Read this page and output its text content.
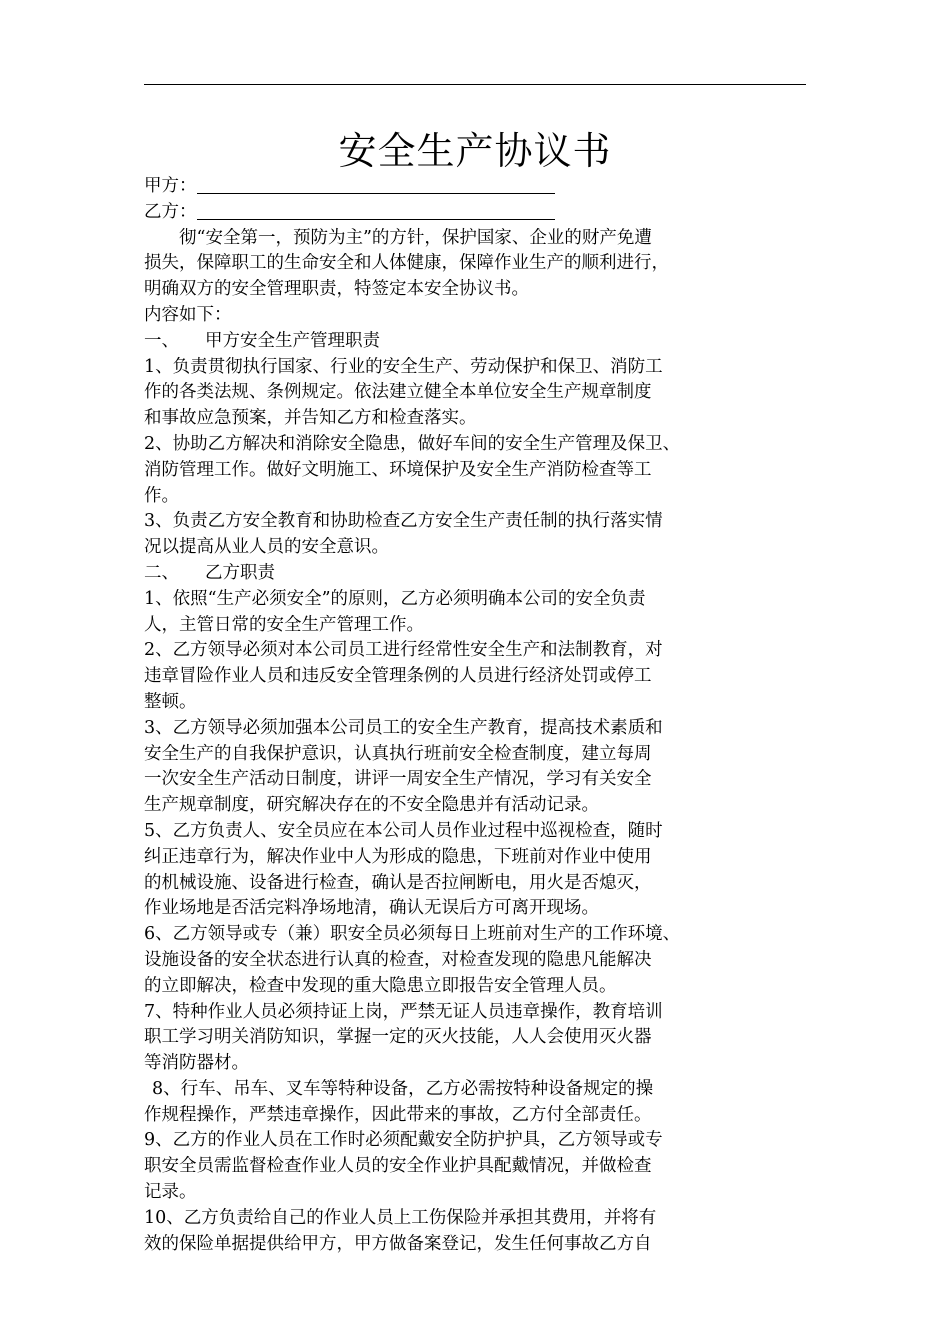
安全生产协议书
甲方：
乙方：
彻“安全第一，预防为主”的方针，保护国家、企业的财产免遭
损失，保障职工的生命安全和人体健康，保障作业生产的顺利进行，
明确双方的安全管理职责，特签定本安全协议书。
内容如下：
一、 甲方安全生产管理职责
1、负责贯彻执行国家、行业的安全生产、劳动保护和保卫、消防工
作的各类法规、条例规定。依法建立健全本单位安全生产规章制度
和事故应急预案，并告知乙方和检查落实。
2、协助乙方解决和消除安全隐患，做好车间的安全生产管理及保卫、
消防管理工作。做好文明施工、环境保护及安全生产消防检查等工
作。
3、负责乙方安全教育和协助检查乙方安全生产责任制的执行落实情
况以提高从业人员的安全意识。
二、 乙方职责
1、依照“生产必须安全”的原则，乙方必须明确本公司的安全负责
人，主管日常的安全生产管理工作。
2、乙方领导必须对本公司员工进行经常性安全生产和法制教育，对
违章冒险作业人员和违反安全管理条例的人员进行经济处罚或停工
整顿。
3、乙方领导必须加强本公司员工的安全生产教育，提高技术素质和
安全生产的自我保护意识，认真执行班前安全检查制度，建立每周
一次安全生产活动日制度，讲评一周安全生产情况，学习有关安全
生产规章制度，研究解决存在的不安全隐患并有活动记录。
5、乙方负责人、安全员应在本公司人员作业过程中巡视检查，随时
纠正违章行为，解决作业中人为形成的隐患，下班前对作业中使用
的机械设施、设备进行检查，确认是否拉闸断电，用火是否熄灭，
作业场地是否活完料净场地清，确认无误后方可离开现场。
6、乙方领导或专（兼）职安全员必须每日上班前对生产的工作环境、
设施设备的安全状态进行认真的检查，对检查发现的隐患凡能解决
的立即解决，检查中发现的重大隐患立即报告安全管理人员。
7、特种作业人员必须持证上岗，严禁无证人员违章操作，教育培训
职工学习明关消防知识，掌握一定的灭火技能，人人会使用灭火器
等消防器材。
8、行车、吊车、叉车等特种设备，乙方必需按特种设备规定的操
作规程操作，严禁违章操作，因此带来的事故，乙方付全部责任。
9、乙方的作业人员在工作时必须配戴安全防护护具，乙方领导或专
职安全员需监督检查作业人员的安全作业护具配戴情况，并做检查
记录。
10、乙方负责给自己的作业人员上工伤保险并承担其费用，并将有
效的保险单据提供给甲方，甲方做备案登记，发生任何事故乙方自
